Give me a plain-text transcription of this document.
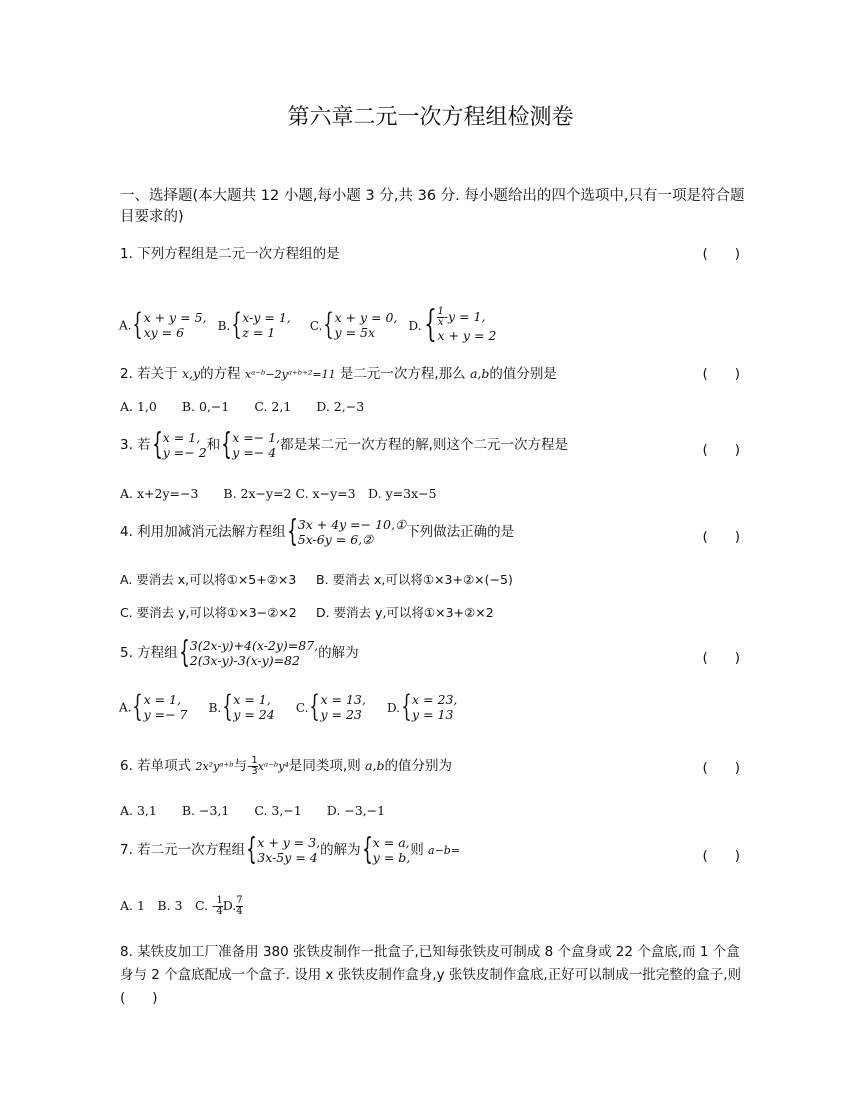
第六章二元一次方程组检测卷
一、选择题(本大题共 12 小题,每小题 3 分,共 36 分. 每小题给出的四个选项中,只有一项是符合题目要求的)
1. 下列方程组是二元一次方程组的是	(　　)
A. { x + y = 5,
xy = 6	B. { x-y = 1,
z = 1	C. { x + y = 0,
y = 5x	D. { $\frac{1}{x} -y = 1$,
x + y = 2
2. 若关于 x,y的方程 xᵃ⁻ᵇ−2yᵃ⁺ᵇ⁺²=11 是二元一次方程,那么 a,b的值分别是	(　　)
A. 1,0　　B. 0,−1　　C. 2,1　　D. 2,−3
3. 若 { x = 1,
y =− 2 和 { x =− 1,
y =− 4 都是某二元一次方程的解,则这个二元一次方程是	(　　)
A. x+2y=−3　　B. 2x−y=2 C. x−y=3　D. y=3x−5
4. 利用加减消元法解方程组 { 3x + 4y =− 10,①
5x-6y = 6,②	下列做法正确的是	(　　)
A. 要消去 x,可以将①×5+②×3 B. 要消去 x,可以将①×3+②×(−5)
C. 要消去 y,可以将①×3−②×2 D. 要消去 y,可以将①×3+②×2
5. 方程组 { 3(2x-y)+4(x-2y)=87,
2(3x-y)-3(x-y)=82	的解为	(　　)
A. { x = 1,
y =− 7 B. { x = 1,
y = 24 C. { x = 13,
y = 23	D. { x = 23,
y = 13
6. 若单项式 2x²yᵃ⁺ᵇ与- $\frac{1}{3}$ xᵃ⁻ᵇy⁴是同类项,则 a,b的值分别为	(　　)
A. 3,1　　B. −3,1　　C. 3,−1　　D. −3,−1
7. 若二元一次方程组 { x + y = 3,
3x-5y = 4 的解为 { x = a,
y = b, 则 a−b=	(　　)
A. 1　B. 3　C. - $\frac{1}{4} D$. $\frac{7}{4}$
8. 某铁皮加工厂准备用 380 张铁皮制作一批盒子,已知每张铁皮可制成 8 个盒身或 22 个盒底,而 1 个盒身与 2 个盒底配成一个盒子. 设用 x 张铁皮制作盒身,y 张铁皮制作盒底,正好可以制成一批完整的盒子,则(　　)
